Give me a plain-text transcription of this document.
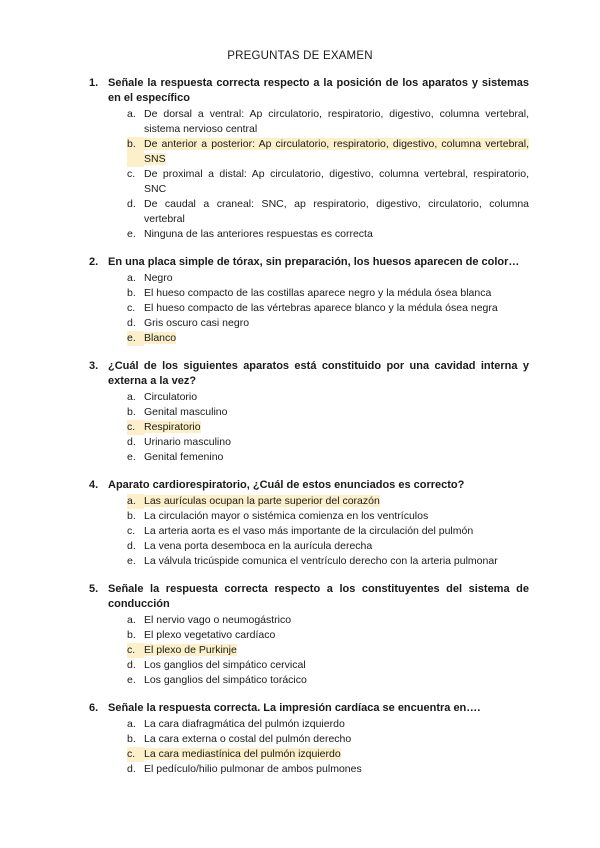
PREGUNTAS DE EXAMEN
1. Señale la respuesta correcta respecto a la posición de los aparatos y sistemas en el específico
a. De dorsal a ventral: Ap circulatorio, respiratorio, digestivo, columna vertebral, sistema nervioso central
b. De anterior a posterior: Ap circulatorio, respiratorio, digestivo, columna vertebral, SNS
c. De proximal a distal: Ap circulatorio, digestivo, columna vertebral, respiratorio, SNC
d. De caudal a craneal: SNC, ap respiratorio, digestivo, circulatorio, columna vertebral
e. Ninguna de las anteriores respuestas es correcta
2. En una placa simple de tórax, sin preparación, los huesos aparecen de color…
a. Negro
b. El hueso compacto de las costillas aparece negro y la médula ósea blanca
c. El hueso compacto de las vértebras aparece blanco y la médula ósea negra
d. Gris oscuro casi negro
e. Blanco
3. ¿Cuál de los siguientes aparatos está constituido por una cavidad interna y externa a la vez?
a. Circulatorio
b. Genital masculino
c. Respiratorio
d. Urinario masculino
e. Genital femenino
4. Aparato cardiorespiratorio, ¿Cuál de estos enunciados es correcto?
a. Las aurículas ocupan la parte superior del corazón
b. La circulación mayor o sistémica comienza en los ventrículos
c. La arteria aorta es el vaso más importante de la circulación del pulmón
d. La vena porta desemboca en la aurícula derecha
e. La válvula tricúspide comunica el ventrículo derecho con la arteria pulmonar
5. Señale la respuesta correcta respecto a los constituyentes del sistema de conducción
a. El nervio vago o neumogástrico
b. El plexo vegetativo cardíaco
c. El plexo de Purkinje
d. Los ganglios del simpático cervical
e. Los ganglios del simpático torácico
6. Señale la respuesta correcta. La impresión cardíaca se encuentra en….
a. La cara diafragmática del pulmón izquierdo
b. La cara externa o costal del pulmón derecho
c. La cara mediastínica del pulmón izquierdo
d. El pedículo/hilio pulmonar de ambos pulmones
